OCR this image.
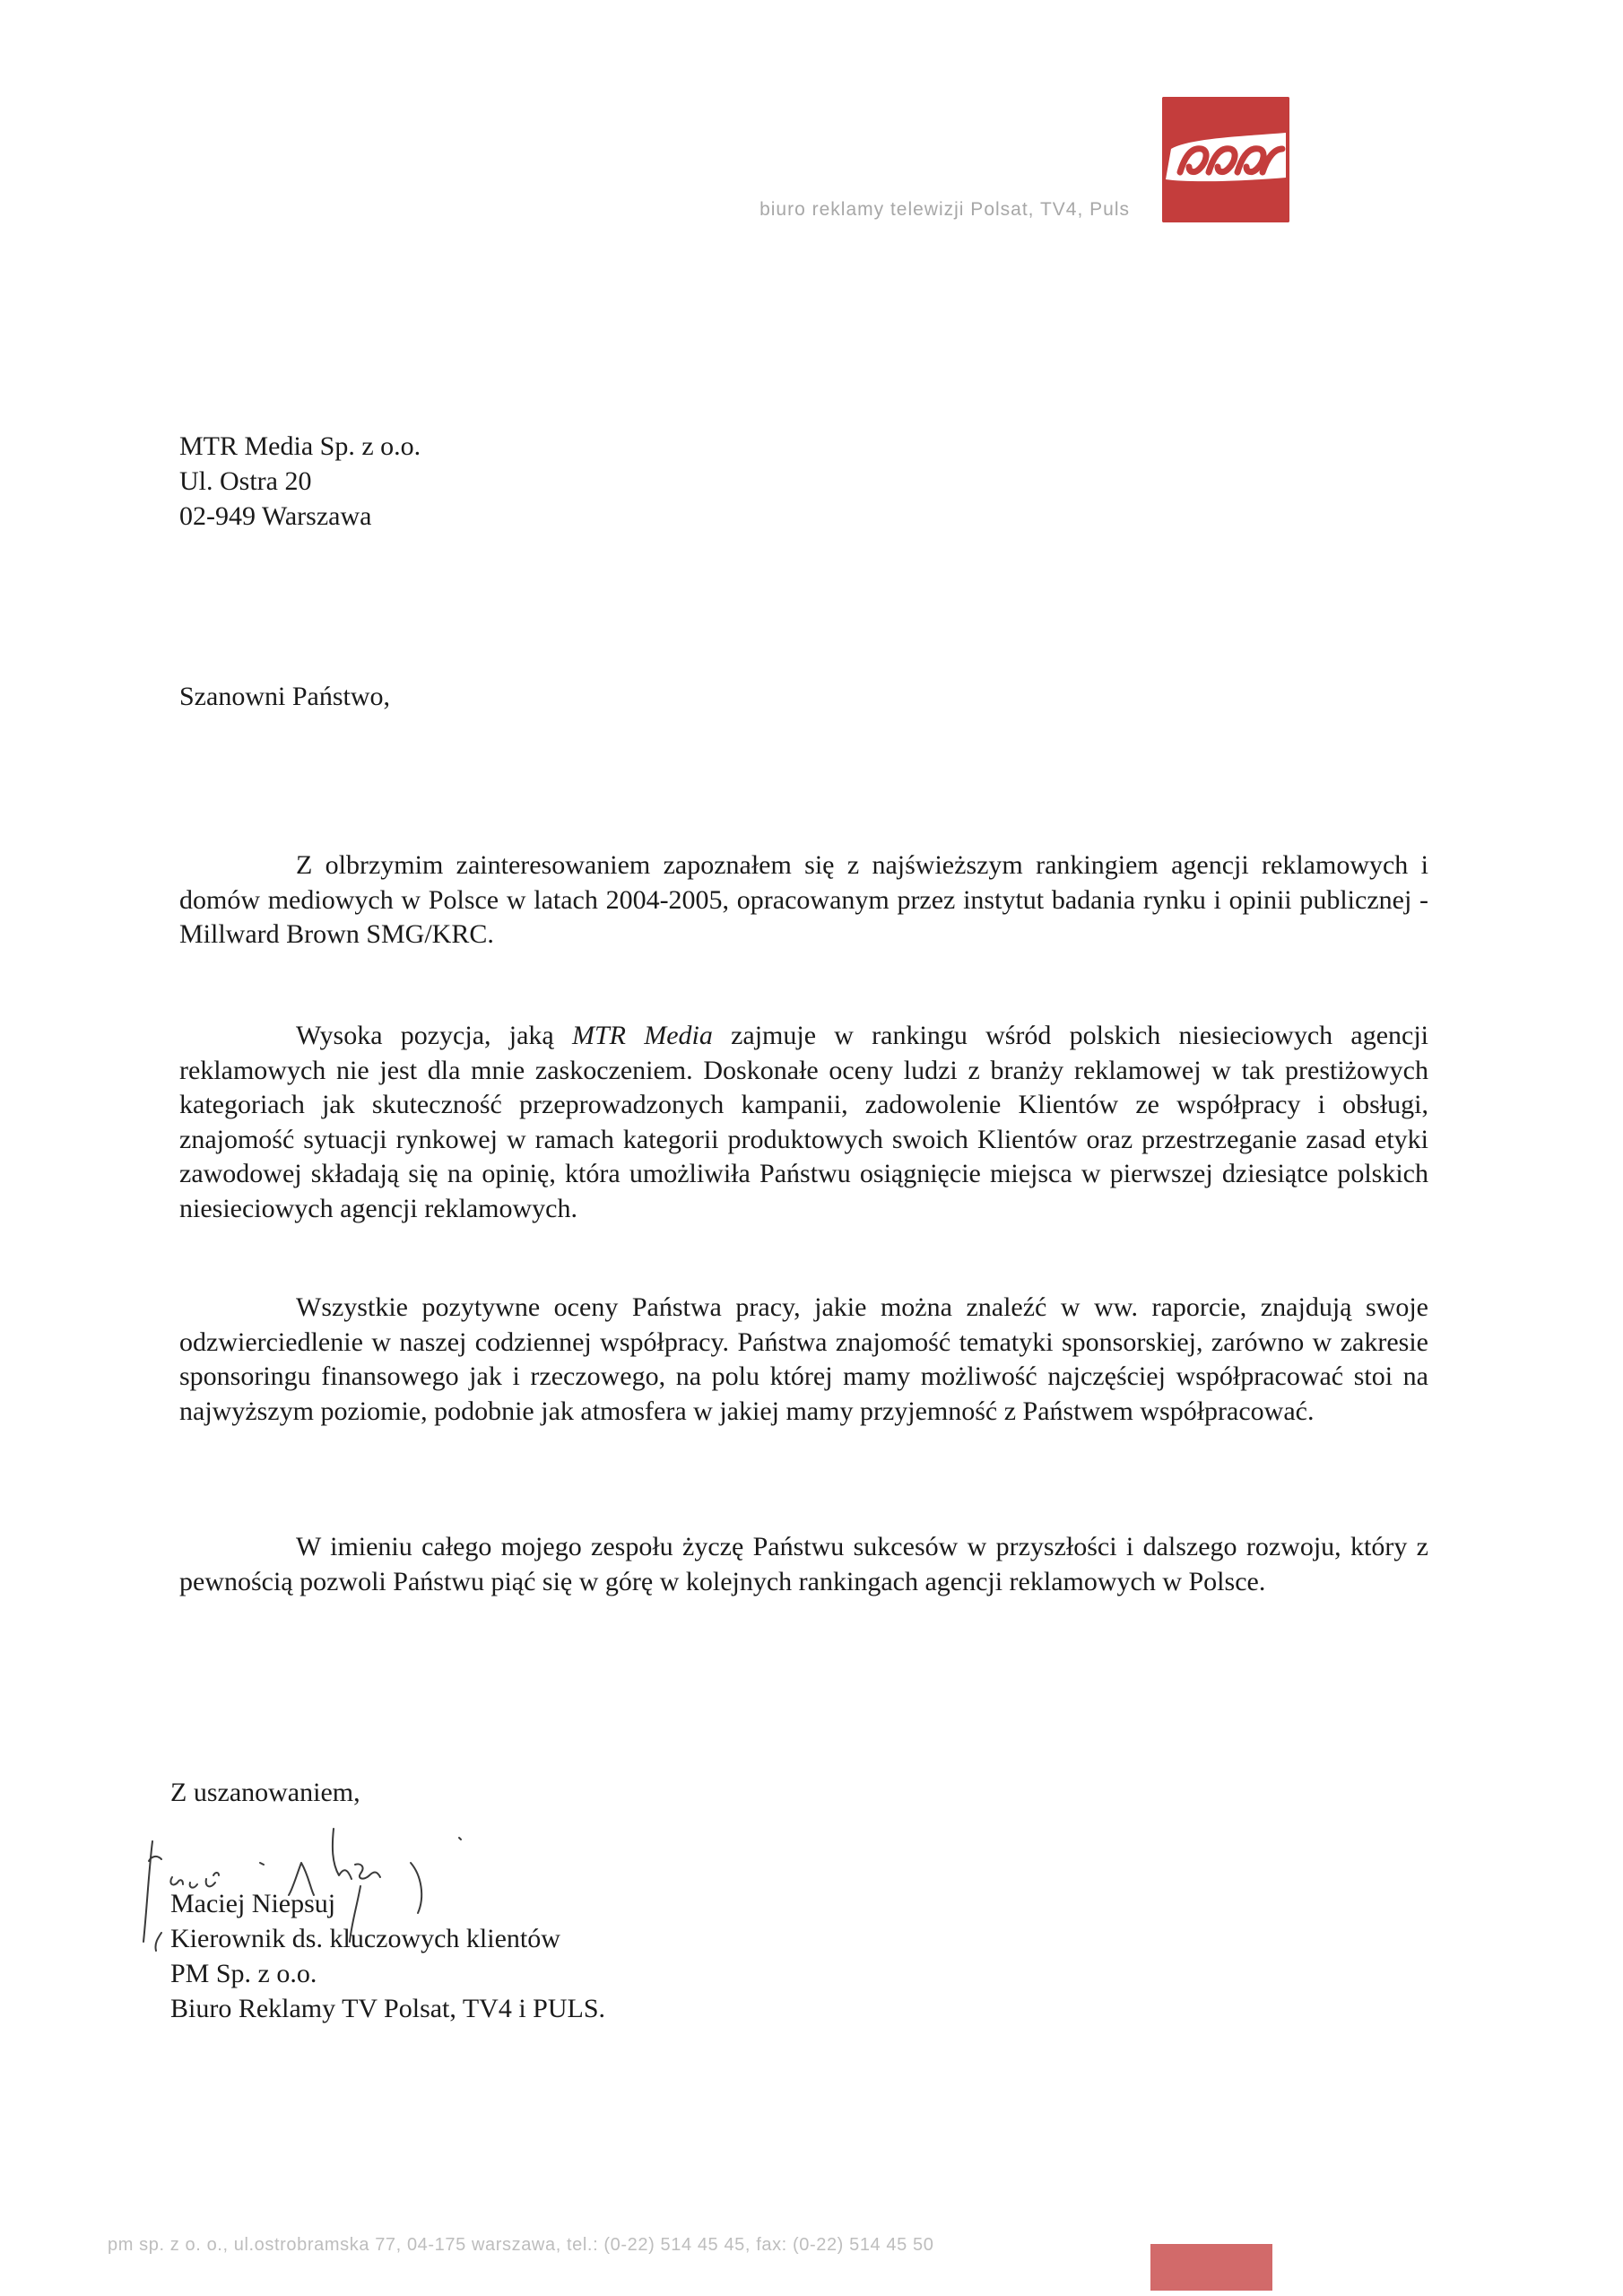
biuro reklamy telewizji Polsat, TV4, Puls
MTR Media Sp. z o.o.
Ul. Ostra 20
02-949 Warszawa
Szanowni Państwo,

Z olbrzymim zainteresowaniem zapoznałem się z najświeższym rankingiem agencji reklamowych i domów mediowych w Polsce w latach 2004-2005, opracowanym przez instytut badania rynku i opinii publicznej - Millward Brown SMG/KRC.

Wysoka pozycja, jaką MTR Media zajmuje w rankingu wśród polskich niesieciowych agencji reklamowych nie jest dla mnie zaskoczeniem. Doskonałe oceny ludzi z branży reklamowej w tak prestiżowych kategoriach jak skuteczność przeprowadzonych kampanii, zadowolenie Klientów ze współpracy i obsługi, znajomość sytuacji rynkowej w ramach kategorii produktowych swoich Klientów oraz przestrzeganie zasad etyki zawodowej składają się na opinię, która umożliwiła Państwu osiągnięcie miejsca w pierwszej dziesiątce polskich niesieciowych agencji reklamowych.

Wszystkie pozytywne oceny Państwa pracy, jakie można znaleźć w ww. raporcie, znajdują swoje odzwierciedlenie w naszej codziennej współpracy. Państwa znajomość tematyki sponsorskiej, zarówno w zakresie sponsoringu finansowego jak i rzeczowego, na polu której mamy możliwość najczęściej współpracować stoi na najwyższym poziomie, podobnie jak atmosfera w jakiej mamy przyjemność z Państwem współpracować.

W imieniu całego mojego zespołu życzę Państwu sukcesów w przyszłości i dalszego rozwoju, który z pewnością pozwoli Państwu piąć się w górę w kolejnych rankingach agencji reklamowych w Polsce.

Z uszanowaniem,
Maciej Niepsuj
Kierownik ds. kluczowych klientów
PM Sp. z o.o.
Biuro Reklamy TV Polsat, TV4 i PULS.
pm sp. z o. o., ul.ostrobramska 77, 04-175 warszawa, tel.: (0-22) 514 45 45, fax: (0-22) 514 45 50
